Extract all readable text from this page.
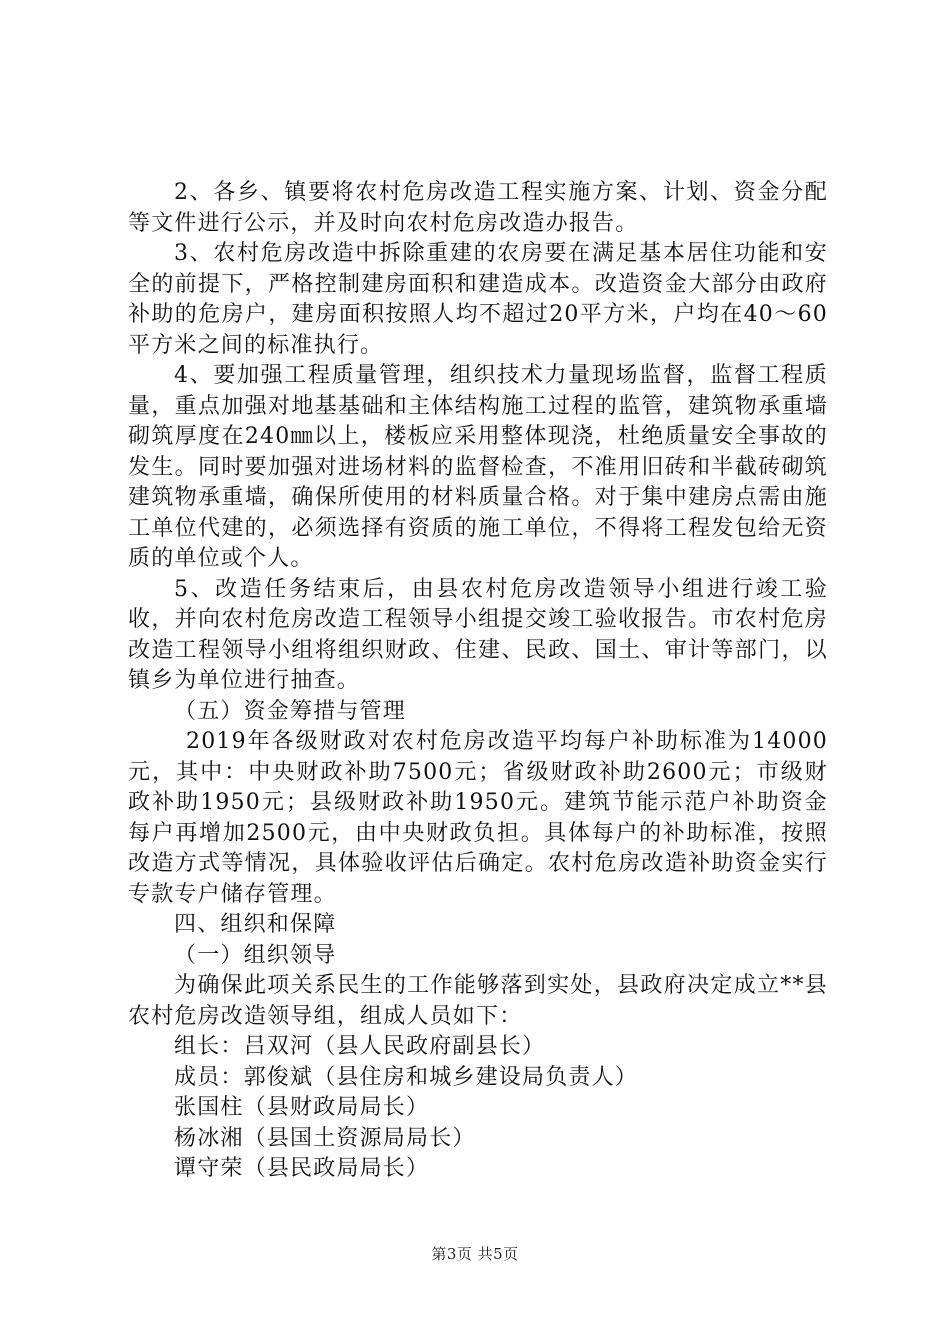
2、各乡、镇要将农村危房改造工程实施方案、计划、资金分配等文件进行公示，并及时向农村危房改造办报告。

3、农村危房改造中拆除重建的农房要在满足基本居住功能和安全的前提下，严格控制建房面积和建造成本。改造资金大部分由政府补助的危房户，建房面积按照人均不超过20平方米，户均在40～60平方米之间的标准执行。

4、要加强工程质量管理，组织技术力量现场监督，监督工程质量，重点加强对地基基础和主体结构施工过程的监管，建筑物承重墙砌筑厚度在240㎜以上，楼板应采用整体现浇，杜绝质量安全事故的发生。同时要加强对进场材料的监督检查，不准用旧砖和半截砖砌筑建筑物承重墙，确保所使用的材料质量合格。对于集中建房点需由施工单位代建的，必须选择有资质的施工单位，不得将工程发包给无资质的单位或个人。

5、改造任务结束后，由县农村危房改造领导小组进行竣工验收，并向农村危房改造工程领导小组提交竣工验收报告。市农村危房改造工程领导小组将组织财政、住建、民政、国土、审计等部门，以镇乡为单位进行抽查。

（五）资金筹措与管理

2019年各级财政对农村危房改造平均每户补助标准为14000元，其中：中央财政补助7500元；省级财政补助2600元；市级财政补助1950元；县级财政补助1950元。建筑节能示范户补助资金每户再增加2500元，由中央财政负担。具体每户的补助标准，按照改造方式等情况，具体验收评估后确定。农村危房改造补助资金实行专款专户储存管理。

四、组织和保障

（一）组织领导

为确保此项关系民生的工作能够落到实处，县政府决定成立**县农村危房改造领导组，组成人员如下：

组长：吕双河（县人民政府副县长）

成员：郭俊斌（县住房和城乡建设局负责人）

张国柱（县财政局局长）

杨冰湘（县国土资源局局长）

谭守荣（县民政局局长）

第3页 共5页
